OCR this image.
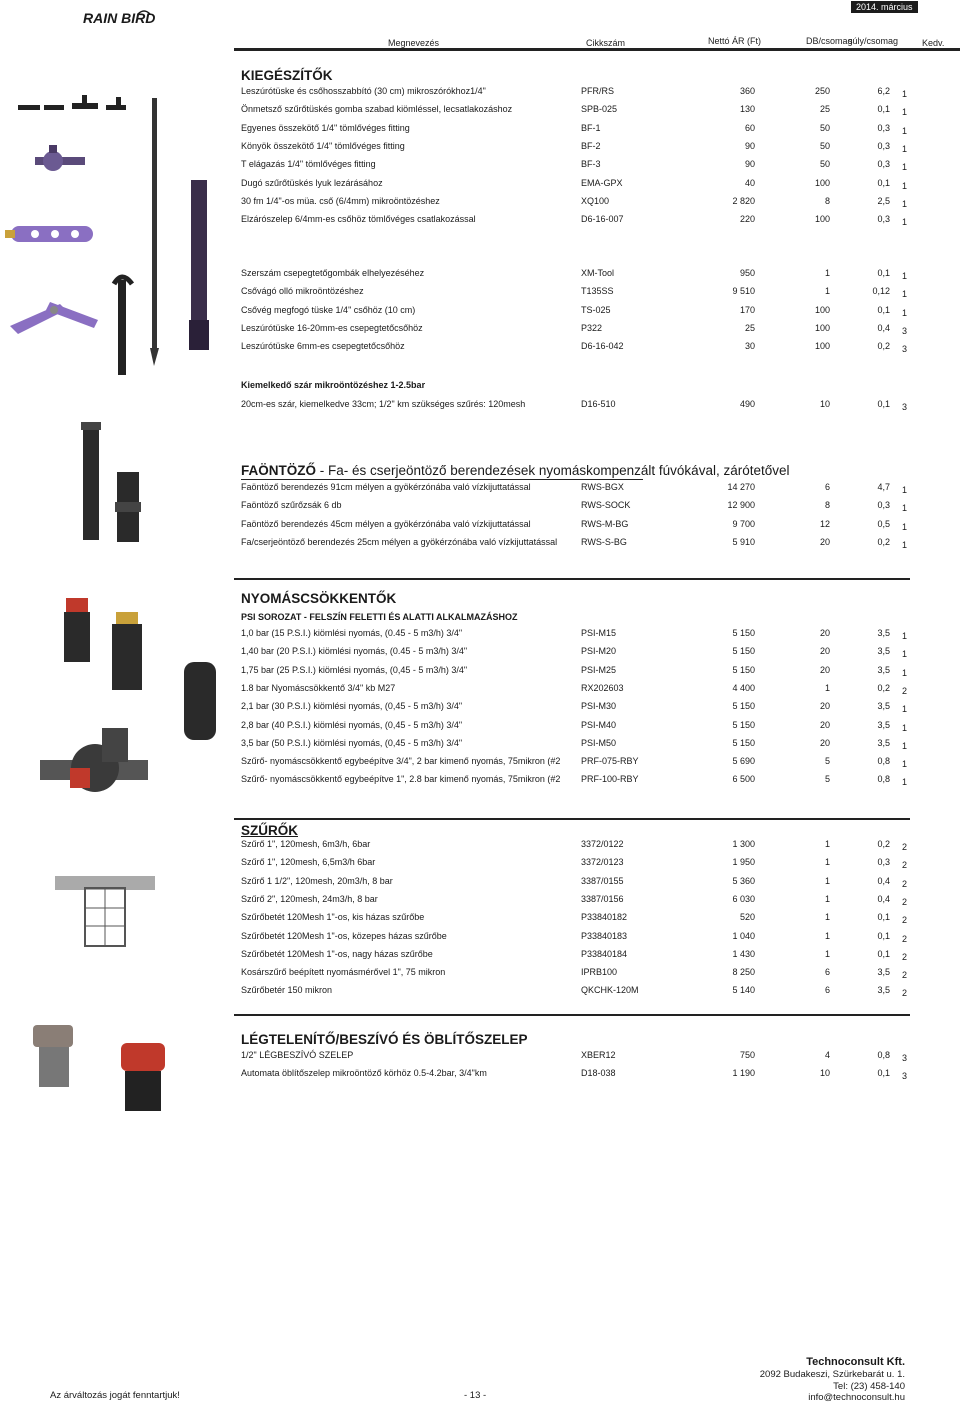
RAIN BIRD
2014. március
Megnevezés	Cikkszám	Nettó ÁR (Ft)	DB/csomag
súly/csomag	Kedv.
KIEGÉSZÍTŐK
Leszúrótüske és csőhosszabbító (30 cm) mikroszórókhoz1/4"	PFR/RS	360	250	6,2 1
Önmetsző szűrőtüskés gomba szabad kiömléssel, lecsatlakozáshoz	SPB-025	130	25	0,1 1
Egyenes összekötő 1/4" tömlővéges fitting	BF-1	60	50	0,3 1
Könyök összekötő 1/4" tömlővéges fitting	BF-2	90	50	0,3 1
T elágazás 1/4" tömlővéges fitting	BF-3	90	50	0,3 1
Dugó szűrőtüskés lyuk lezárásához	EMA-GPX	40	100	0,1 1
30 fm 1/4"-os müa. cső (6/4mm) mikroöntözéshez	XQ100	2 820	8	2,5 1
Elzárószelep 6/4mm-es csőhöz tömlővéges csatlakozással	D6-16-007	220	100	0,3 1
Szerszám csepegtetőgombák elhelyezéséhez	XM-Tool	950	1	0,1 1
Csővágó olló mikroöntözéshez	T135SS	9 510	1	0,12 1
Csővég megfogó tüske 1/4" csőhöz (10 cm)	TS-025	170	100	0,1 1
Leszúrótüske 16-20mm-es csepegtetőcsőhöz	P322	25	100	0,4 3
Leszúrótüske 6mm-es csepegtetőcsőhöz	D6-16-042	30	100	0,2 3
Kiemelkedő szár mikroöntözéshez 1-2.5bar
20cm-es szár, kiemelkedve 33cm; 1/2" km szükséges szűrés: 120mesh	D16-510	490	10	0,1 3
FAÖNTÖZŐ - Fa- és cserjeöntöző berendezések nyomáskompenzált fúvókával, zárótetővel
Faöntöző berendezés 91cm mélyen a gyökérzónába való vízkijuttatással	RWS-BGX	14 270	6	4,7 1
Faöntöző szűrőzsák 6 db	RWS-SOCK	12 900	8	0,3 1
Faöntöző berendezés 45cm mélyen a gyökérzónába való vízkijuttatással	RWS-M-BG	9 700	12	0,5 1
Fa/cserjeöntöző berendezés 25cm mélyen a gyökérzónába való vízkijuttatással	RWS-S-BG	5 910	20	0,2 1
NYOMÁSCSÖKKENTŐK
PSI SOROZAT - FELSZÍN FELETTI ÉS ALATTI ALKALMAZÁSHOZ
1,0 bar (15 P.S.I.) kiömlési nyomás, (0.45 - 5 m3/h) 3/4"	PSI-M15	5 150	20	3,5 1
1,40 bar (20 P.S.I.) kiömlési nyomás, (0.45 - 5 m3/h) 3/4"	PSI-M20	5 150	20	3,5 1
1,75 bar (25 P.S.I.) kiömlési nyomás, (0,45 - 5 m3/h) 3/4"	PSI-M25	5 150	20	3,5 1
1.8 bar Nyomáscsökkentő 3/4" kb M27	RX202603	4 400	1	0,2 2
2,1 bar (30 P.S.I.) kiömlési nyomás, (0,45 - 5 m3/h) 3/4"	PSI-M30	5 150	20	3,5 1
2,8 bar (40 P.S.I.) kiömlési nyomás, (0,45 - 5 m3/h) 3/4"	PSI-M40	5 150	20	3,5 1
3,5 bar (50 P.S.I.) kiömlési nyomás, (0,45 - 5 m3/h) 3/4"	PSI-M50	5 150	20	3,5 1
Szűrő- nyomáscsökkentő egybeépítve 3/4", 2 bar kimenő nyomás, 75mikron (#2 PRF-075-RBY	5 690	5	0,8 1
Szűrő- nyomáscsökkentő egybeépítve 1", 2.8 bar kimenő nyomás, 75mikron (#2 PRF-100-RBY	6 500	5	0,8 1
SZŰRŐK
Szűrő 1", 120mesh, 6m3/h, 6bar	3372/0122	1 300	1	0,2 2
Szűrő 1", 120mesh, 6,5m3/h 6bar	3372/0123	1 950	1	0,3 2
Szűrő 1 1/2", 120mesh, 20m3/h, 8 bar	3387/0155	5 360	1	0,4 2
Szűrő 2", 120mesh, 24m3/h, 8 bar	3387/0156	6 030	1	0,4 2
Szűrőbetét 120Mesh 1"-os, kis házas szűrőbe	P33840182	520	1	0,1 2
Szűrőbetét 120Mesh 1"-os, közepes házas szűrőbe	P33840183	1 040	1	0,1 2
Szűrőbetét 120Mesh 1"-os, nagy házas szűrőbe	P33840184	1 430	1	0,1 2
Kosárszűrő beépített nyomásmérővel 1", 75 mikron	IPRB100	8 250	6	3,5 2
Szűrőbetér 150 mikron	QKCHK-120M	5 140	6	3,5 2
LÉGTELENÍTŐ/BESZÍVÓ ÉS ÖBLÍTŐSZELEP
1/2" LÉGBESZÍVÓ SZELEP	XBER12	750	4	0,8 3
Automata öblítőszelep mikroöntöző körhöz 0.5-4.2bar, 3/4"km	D18-038	1 190	10	0,1 3
Az árváltozás jogát fenntartjuk!	- 13 -
Technoconsult Kft.
2092 Budakeszi, Szürkebarát u. 1.
Tel: (23) 458-140
info@technoconsult.hu
